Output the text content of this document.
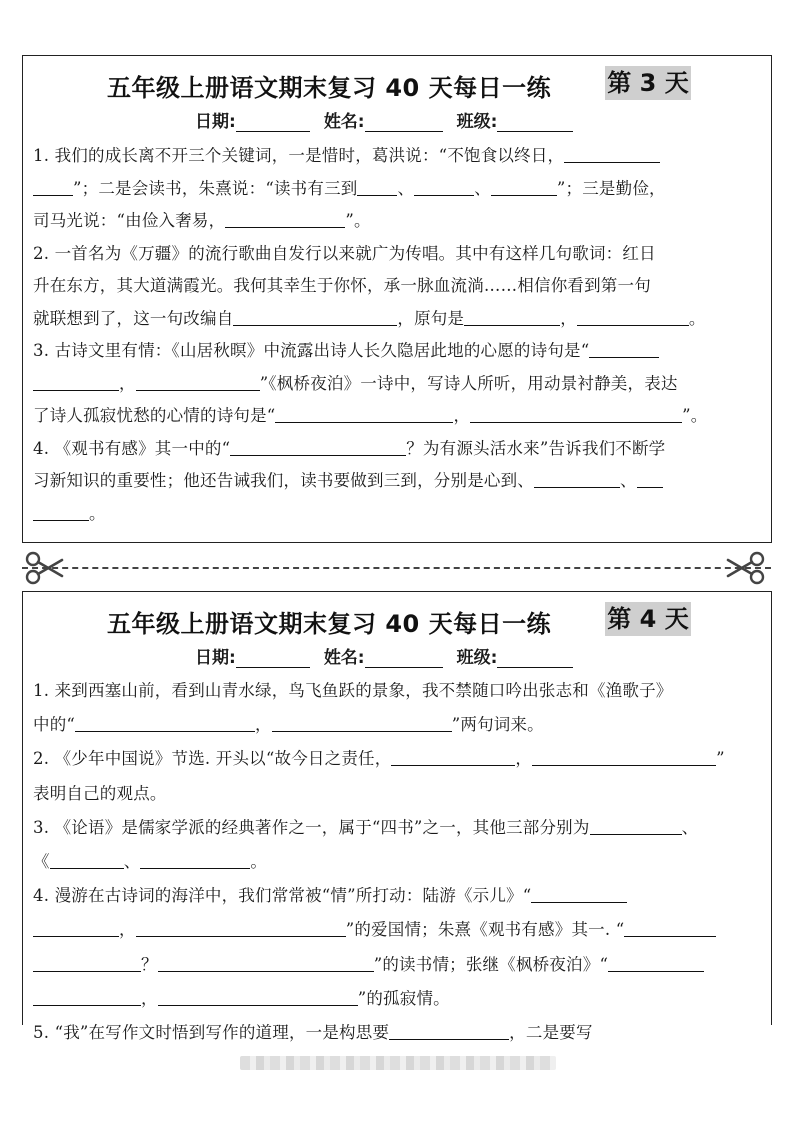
五年级上册语文期末复习 40 天每日一练 第 3 天
日期:	姓名:	班级:
1. 我们的成长离不开三个关键词，一是惜时，葛洪说：“不饱食以终日，
”；二是会读书，朱熹说：“读书有三到 、	、	”；三是勤俭，
司马光说：“由俭入奢易，	”。
2. 一首名为《万疆》的流行歌曲自发行以来就广为传唱。其中有这样几句歌词：红日
升在东方，其大道满霞光。我何其幸生于你怀，承一脉血流淌……相信你看到第一句
就联想到了，这一句改编自	，原句是	，	。
3. 古诗文里有情：《山居秋暝》中流露出诗人长久隐居此地的心愿的诗句是“
，	”《枫桥夜泊》一诗中，写诗人所听，用动景衬静美，表达
了诗人孤寂忧愁的心情的诗句是“	，	”。
4. 《观书有感》其一中的“	？为有源头活水来”告诉我们不断学
习新知识的重要性；他还告诫我们，读书要做到三到，分别是心到、	、
。
五年级上册语文期末复习 40 天每日一练 第 4 天
日期:	姓名:	班级:
1. 来到西塞山前，看到山青水绿，鸟飞鱼跃的景象，我不禁随口吟出张志和《渔歌子》
中的“	，	”两句词来。
2. 《少年中国说》节选. 开头以“故今日之责任，	，	”
表明自己的观点。
3. 《论语》是儒家学派的经典著作之一，属于“四书”之一，其他三部分别为	、
《	、	。
4. 漫游在古诗词的海洋中，我们常常被“情”所打动：陆游《示儿》“
，	”的爱国情；朱熹《观书有感》其一. “
？	”的读书情；张继《枫桥夜泊》“
，	”的孤寂情。
5. “我”在写作文时悟到写作的道理，一是构思要	，二是要写
